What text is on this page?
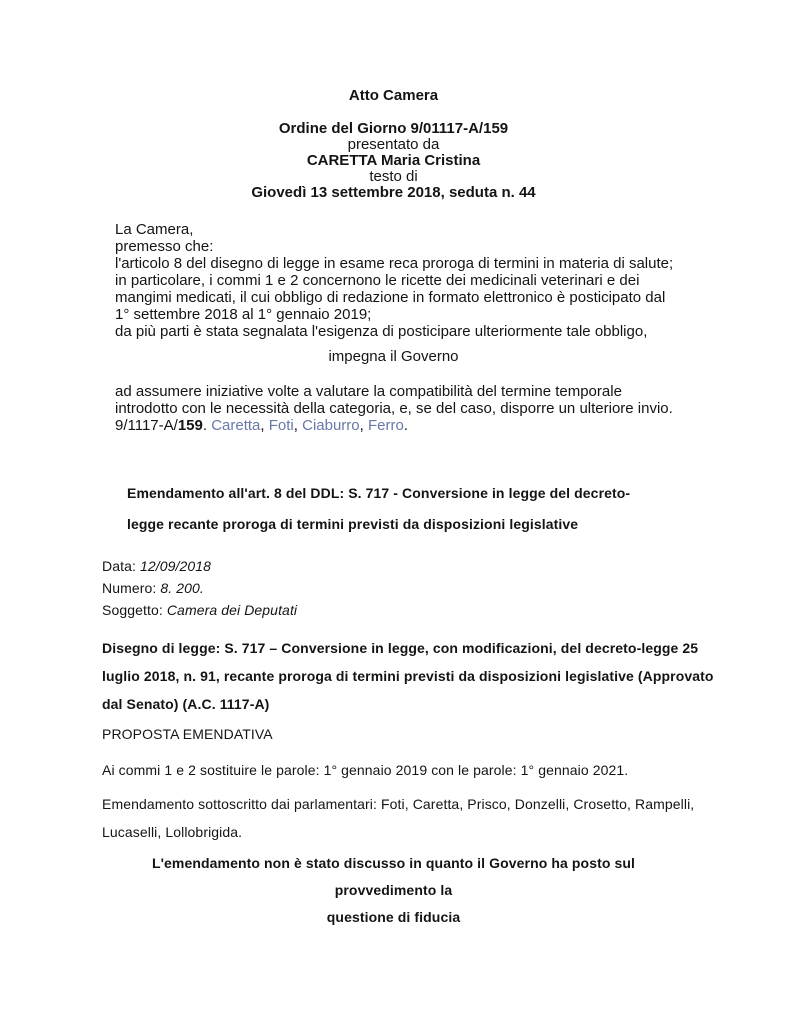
Atto Camera
Ordine del Giorno 9/01117-A/159
presentato da
CARETTA Maria Cristina
testo di
Giovedì 13 settembre 2018, seduta n. 44
La Camera,
premesso che:
l'articolo 8 del disegno di legge in esame reca proroga di termini in materia di salute;
in particolare, i commi 1 e 2 concernono le ricette dei medicinali veterinari e dei
mangimi medicati, il cui obbligo di redazione in formato elettronico è posticipato dal
1° settembre 2018 al 1° gennaio 2019;
da più parti è stata segnalata l'esigenza di posticipare ulteriormente tale obbligo,
impegna il Governo
ad assumere iniziative volte a valutare la compatibilità del termine temporale
introdotto con le necessità della categoria, e, se del caso, disporre un ulteriore invio.
9/1117-A/159. Caretta, Foti, Ciaburro, Ferro.
Emendamento all'art. 8 del DDL: S. 717 - Conversione in legge del decreto-
legge recante proroga di termini previsti da disposizioni legislative
Data: 12/09/2018
Numero: 8. 200.
Soggetto: Camera dei Deputati
Disegno di legge: S. 717 – Conversione in legge, con modificazioni, del decreto-legge 25
luglio 2018, n. 91, recante proroga di termini previsti da disposizioni legislative (Approvato
dal Senato) (A.C. 1117-A)
PROPOSTA EMENDATIVA
Ai commi 1 e 2 sostituire le parole: 1° gennaio 2019 con le parole: 1° gennaio 2021.
Emendamento sottoscritto dai parlamentari: Foti, Caretta, Prisco, Donzelli, Crosetto, Rampelli,
Lucaselli, Lollobrigida.
L'emendamento non è stato discusso in quanto il Governo ha posto sul provvedimento la
questione di fiducia
